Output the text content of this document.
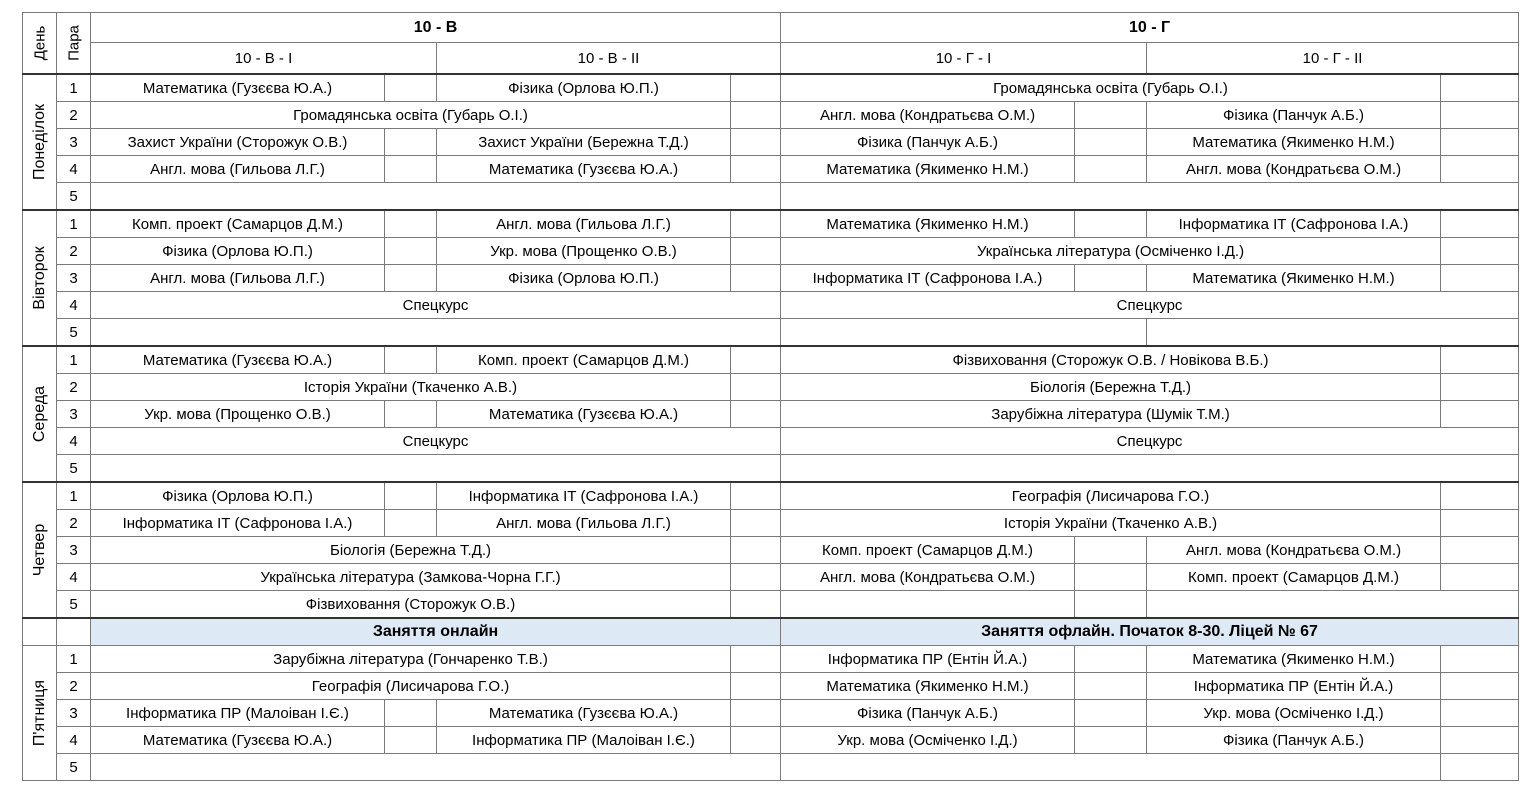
День	Пара	10 - В				10 - Г			
		10 - В - І		10 - В - ІІ		10 - Г - І		10 - Г - ІІ	

Понеділок	1	Математика (Гузєєва Ю.А.)		Фізика (Орлова Ю.П.)		Громадянська освіта (Губарь О.І.)			
	2	Громадянська освіта (Губарь О.І.)				Англ. мова (Кондратьєва О.М.)		Фізика (Панчук А.Б.)	
	3	Захист України (Сторожук О.В.)		Захист України (Бережна Т.Д.)		Фізика (Панчук А.Б.)		Математика (Якименко Н.М.)	
	4	Англ. мова (Гильова Л.Г.)		Математика (Гузєєва Ю.А.)		Математика (Якименко Н.М.)		Англ. мова (Кондратьєва О.М.)	
	5								

Вівторок	1	Комп. проект (Самарцов Д.М.)		Англ. мова (Гильова Л.Г.)		Математика (Якименко Н.М.)		Інформатика ІТ (Сафронова І.А.)	
	2	Фізика (Орлова Ю.П.)		Укр. мова (Прощенко О.В.)		Українська література (Осміченко І.Д.)			
	3	Англ. мова (Гильова Л.Г.)		Фізика (Орлова Ю.П.)		Інформатика ІТ (Сафронова І.А.)		Математика (Якименко Н.М.)	
	4	Спецкурс				Спецкурс			
	5								

Середа	1	Математика (Гузєєва Ю.А.)		Комп. проект (Самарцов Д.М.)		Фізвиховання (Сторожук О.В. / Новікова В.Б.)			
	2	Історія України (Ткаченко А.В.)				Біологія (Бережна Т.Д.)			
	3	Укр. мова (Прощенко О.В.)		Математика (Гузєєва Ю.А.)		Зарубіжна література (Шумік Т.М.)			
	4	Спецкурс				Спецкурс			
	5								

Четвер	1	Фізика (Орлова Ю.П.)		Інформатика ІТ (Сафронова І.А.)		Географія (Лисичарова Г.О.)			
	2	Інформатика ІТ (Сафронова І.А.)		Англ. мова (Гильова Л.Г.)		Історія України (Ткаченко А.В.)			
	3	Біологія (Бережна Т.Д.)				Комп. проект (Самарцов Д.М.)		Англ. мова (Кондратьєва О.М.)	
	4	Українська література (Замкова-Чорна Г.Г.)				Англ. мова (Кондратьєва О.М.)		Комп. проект (Самарцов Д.М.)	
	5	Фізвиховання (Сторожук О.В.)							
		Заняття онлайн				Заняття офлайн. Початок 8-30. Ліцей № 67			

П'ятниця	1	Зарубіжна література (Гончаренко Т.В.)				Інформатика ПР (Ентін Й.А.)		Математика (Якименко Н.М.)	
	2	Географія (Лисичарова Г.О.)				Математика (Якименко Н.М.)		Інформатика ПР (Ентін Й.А.)	
	3	Інформатика ПР (Малоіван І.Є.)		Математика (Гузєєва Ю.А.)		Фізика (Панчук А.Б.)		Укр. мова (Осміченко І.Д.)	
	4	Математика (Гузєєва Ю.А.)		Інформатика ПР (Малоіван І.Є.)		Укр. мова (Осміченко І.Д.)		Фізика (Панчук А.Б.)	
	5								
